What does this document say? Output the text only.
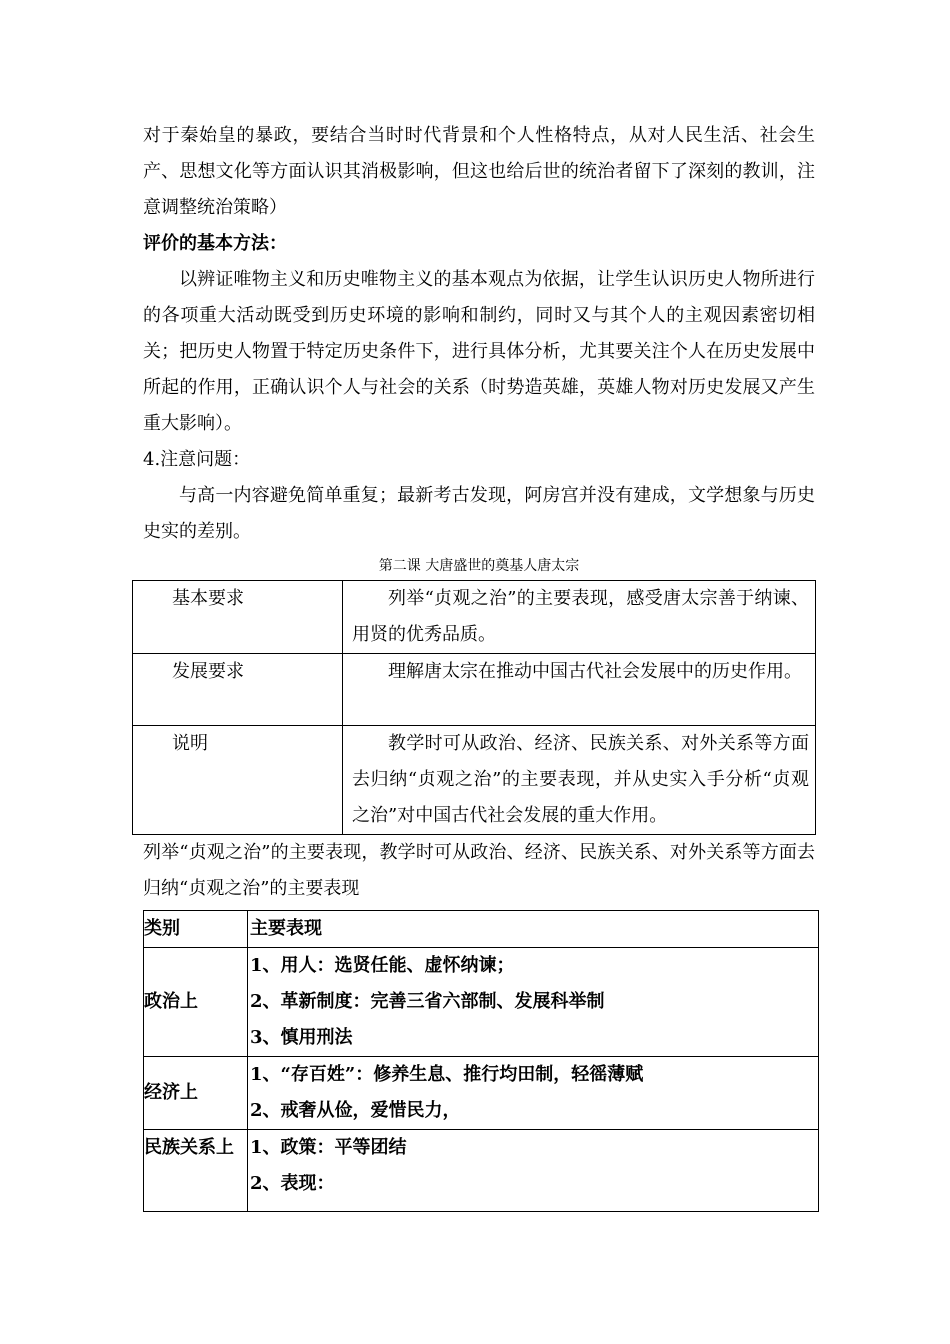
对于秦始皇的暴政，要结合当时时代背景和个人性格特点，从对人民生活、社会生产、思想文化等方面认识其消极影响，但这也给后世的统治者留下了深刻的教训，注意调整统治策略）

评价的基本方法：

以辨证唯物主义和历史唯物主义的基本观点为依据，让学生认识历史人物所进行的各项重大活动既受到历史环境的影响和制约，同时又与其个人的主观因素密切相关；把历史人物置于特定历史条件下，进行具体分析，尤其要关注个人在历史发展中所起的作用，正确认识个人与社会的关系（时势造英雄，英雄人物对历史发展又产生重大影响）。

4.注意问题：

与高一内容避免简单重复；最新考古发现，阿房宫并没有建成，文学想象与历史史实的差别。

第二课 大唐盛世的奠基人唐太宗
基本要求	列举“贞观之治”的主要表现，感受唐太宗善于纳谏、用贤的优秀品质。
发展要求	理解唐太宗在推动中国古代社会发展中的历史作用。
说明	教学时可从政治、经济、民族关系、对外关系等方面去归纳“贞观之治”的主要表现，并从史实入手分析“贞观之治”对中国古代社会发展的重大作用。

列举“贞观之治”的主要表现，教学时可从政治、经济、民族关系、对外关系等方面去归纳“贞观之治”的主要表现

类别	主要表现
政治上	1、用人：选贤任能、虚怀纳谏；
2、革新制度：完善三省六部制、发展科举制
3、慎用刑法

经济上	1、“存百姓”：修养生息、推行均田制，轻徭薄赋
2、戒奢从俭，爱惜民力，

民族关系上	1、政策：平等团结
2、表现：
